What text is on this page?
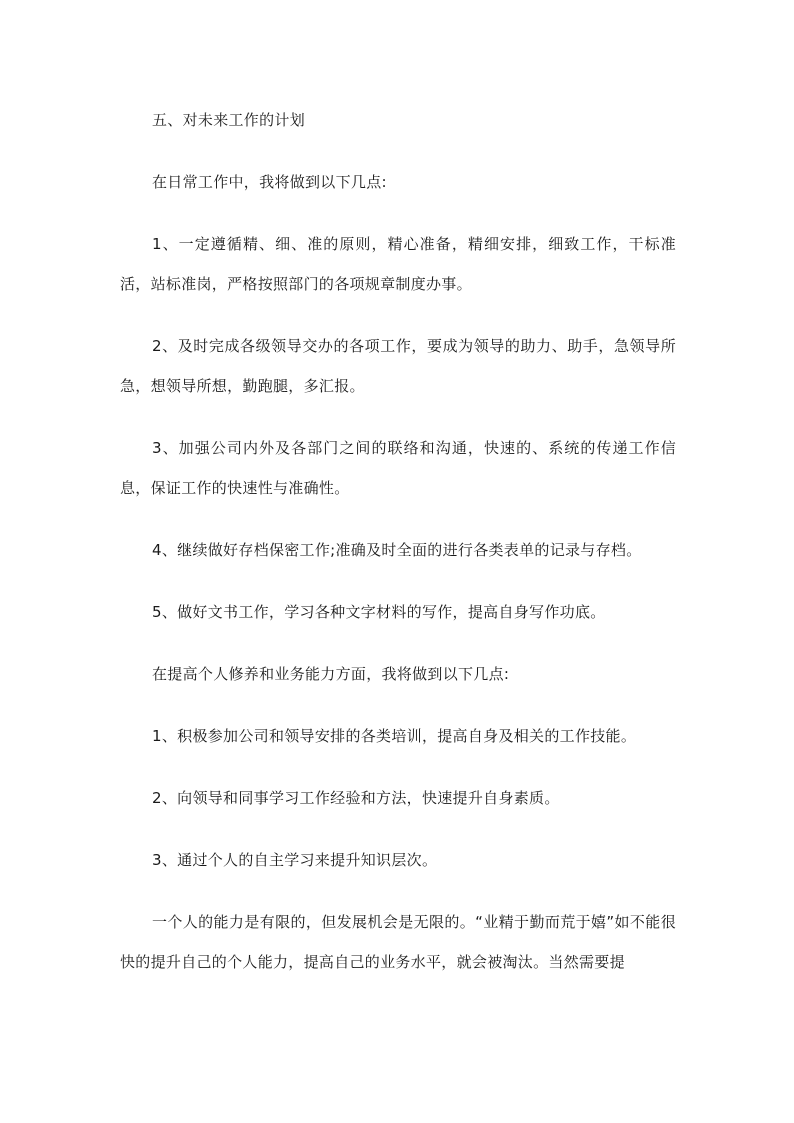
五、对未来工作的计划

在日常工作中，我将做到以下几点:

1、一定遵循精、细、准的原则，精心准备，精细安排，细致工作，干标准活，站标准岗，严格按照部门的各项规章制度办事。

2、及时完成各级领导交办的各项工作，要成为领导的助力、助手，急领导所急，想领导所想，勤跑腿，多汇报。

3、加强公司内外及各部门之间的联络和沟通，快速的、系统的传递工作信息，保证工作的快速性与准确性。

4、继续做好存档保密工作;准确及时全面的进行各类表单的记录与存档。

5、做好文书工作，学习各种文字材料的写作，提高自身写作功底。

在提高个人修养和业务能力方面，我将做到以下几点:

1、积极参加公司和领导安排的各类培训，提高自身及相关的工作技能。

2、向领导和同事学习工作经验和方法，快速提升自身素质。

3、通过个人的自主学习来提升知识层次。

一个人的能力是有限的，但发展机会是无限的。“业精于勤而荒于嬉”如不能很快的提升自己的个人能力，提高自己的业务水平，就会被淘汰。当然需要提
